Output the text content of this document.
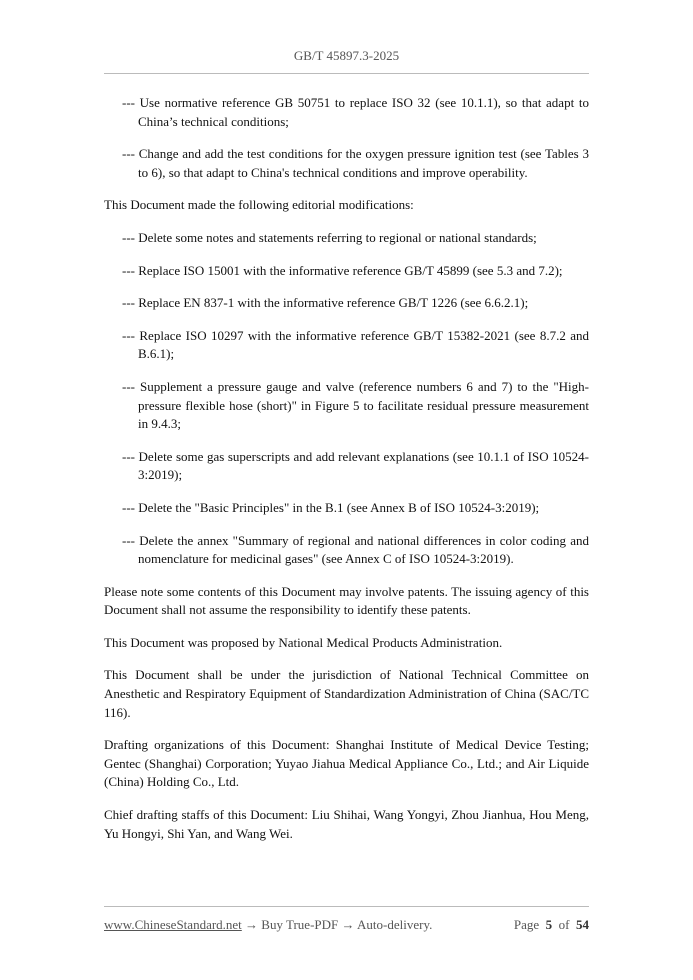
GB/T 45897.3-2025

--- Use normative reference GB 50751 to replace ISO 32 (see 10.1.1), so that adapt to China’s technical conditions;

--- Change and add the test conditions for the oxygen pressure ignition test (see Tables 3 to 6), so that adapt to China's technical conditions and improve operability.

This Document made the following editorial modifications:

--- Delete some notes and statements referring to regional or national standards;

--- Replace ISO 15001 with the informative reference GB/T 45899 (see 5.3 and 7.2);

--- Replace EN 837-1 with the informative reference GB/T 1226 (see 6.6.2.1);

--- Replace ISO 10297 with the informative reference GB/T 15382-2021 (see 8.7.2 and B.6.1);

--- Supplement a pressure gauge and valve (reference numbers 6 and 7) to the "High-pressure flexible hose (short)" in Figure 5 to facilitate residual pressure measurement in 9.4.3;

--- Delete some gas superscripts and add relevant explanations (see 10.1.1 of ISO 10524-3:2019);

--- Delete the "Basic Principles" in the B.1 (see Annex B of ISO 10524-3:2019);

--- Delete the annex "Summary of regional and national differences in color coding and nomenclature for medicinal gases" (see Annex C of ISO 10524-3:2019).

Please note some contents of this Document may involve patents. The issuing agency of this Document shall not assume the responsibility to identify these patents.

This Document was proposed by National Medical Products Administration.

This Document shall be under the jurisdiction of National Technical Committee on Anesthetic and Respiratory Equipment of Standardization Administration of China (SAC/TC 116).

Drafting organizations of this Document: Shanghai Institute of Medical Device Testing; Gentec (Shanghai) Corporation; Yuyao Jiahua Medical Appliance Co., Ltd.; and Air Liquide (China) Holding Co., Ltd.

Chief drafting staffs of this Document: Liu Shihai, Wang Yongyi, Zhou Jianhua, Hou Meng, Yu Hongyi, Shi Yan, and Wang Wei.

www.ChineseStandard.net → Buy True-PDF → Auto-delivery.	Page 5 of 54
